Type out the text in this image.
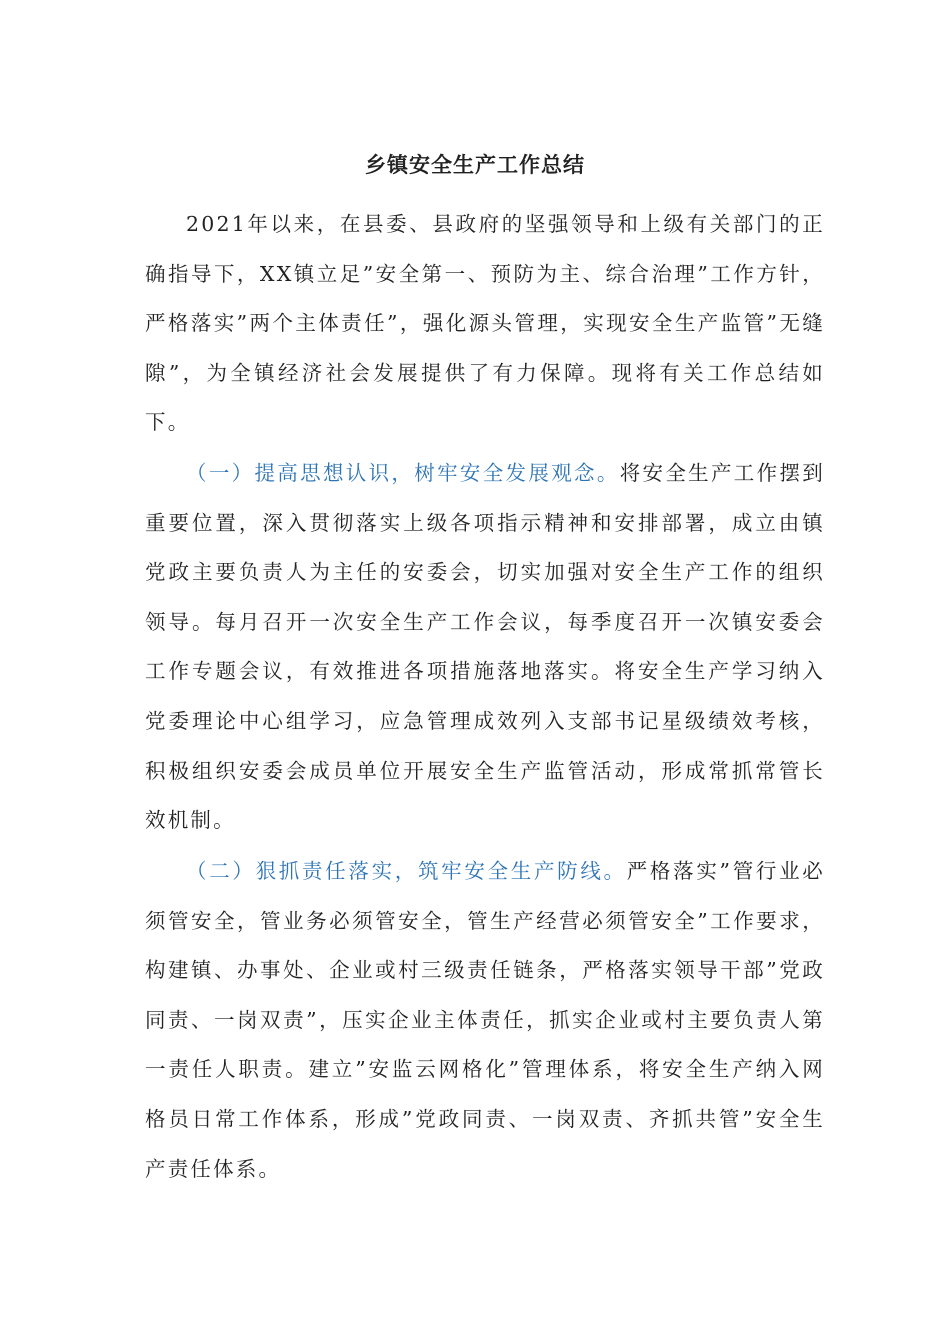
乡镇安全生产工作总结

2021年以来，在县委、县政府的坚强领导和上级有关部门的正确指导下，XX镇立足”安全第一、预防为主、综合治理”工作方针，严格落实”两个主体责任”，强化源头管理，实现安全生产监管”无缝隙”，为全镇经济社会发展提供了有力保障。现将有关工作总结如下。

（一）提高思想认识，树牢安全发展观念。将安全生产工作摆到重要位置，深入贯彻落实上级各项指示精神和安排部署，成立由镇党政主要负责人为主任的安委会，切实加强对安全生产工作的组织领导。每月召开一次安全生产工作会议，每季度召开一次镇安委会工作专题会议，有效推进各项措施落地落实。将安全生产学习纳入党委理论中心组学习，应急管理成效列入支部书记星级绩效考核，积极组织安委会成员单位开展安全生产监管活动，形成常抓常管长效机制。

（二）狠抓责任落实，筑牢安全生产防线。严格落实”管行业必须管安全，管业务必须管安全，管生产经营必须管安全”工作要求，构建镇、办事处、企业或村三级责任链条，严格落实领导干部”党政同责、一岗双责”，压实企业主体责任，抓实企业或村主要负责人第一责任人职责。建立”安监云网格化”管理体系，将安全生产纳入网格员日常工作体系，形成”党政同责、一岗双责、齐抓共管”安全生产责任体系。
